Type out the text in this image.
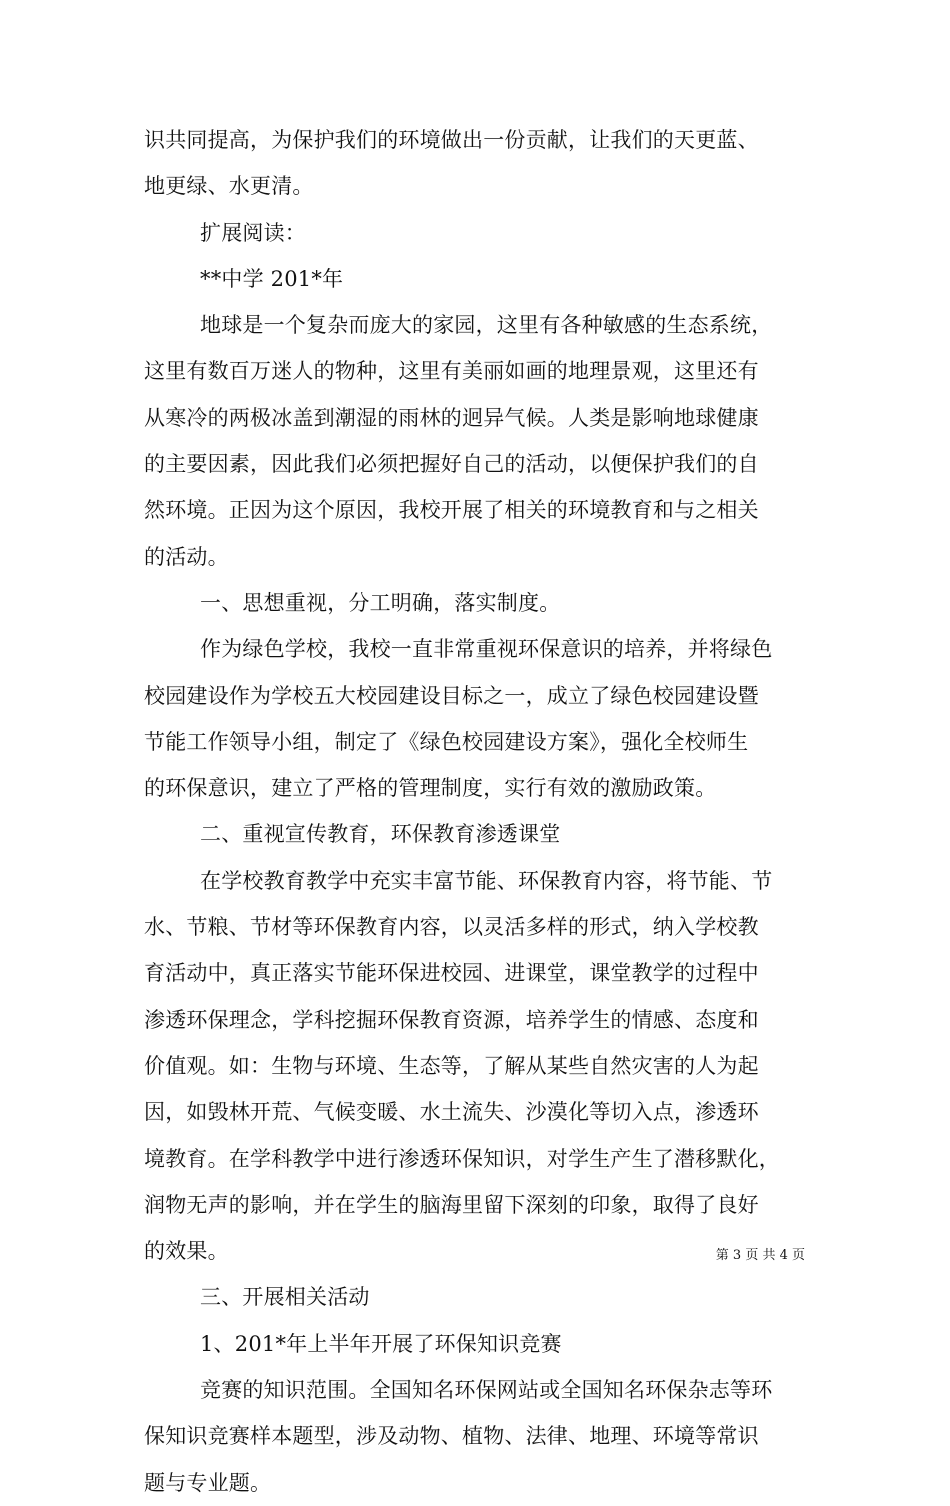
识共同提高，为保护我们的环境做出一份贡献，让我们的天更蓝、
地更绿、水更清。
扩展阅读：
**中学 201*年
地球是一个复杂而庞大的家园，这里有各种敏感的生态系统，
这里有数百万迷人的物种，这里有美丽如画的地理景观，这里还有
从寒冷的两极冰盖到潮湿的雨林的迥异气候。人类是影响地球健康
的主要因素，因此我们必须把握好自己的活动，以便保护我们的自
然环境。正因为这个原因，我校开展了相关的环境教育和与之相关
的活动。
一、思想重视，分工明确，落实制度。
作为绿色学校，我校一直非常重视环保意识的培养，并将绿色
校园建设作为学校五大校园建设目标之一，成立了绿色校园建设暨
节能工作领导小组，制定了《绿色校园建设方案》，强化全校师生
的环保意识，建立了严格的管理制度，实行有效的激励政策。
二、重视宣传教育，环保教育渗透课堂
在学校教育教学中充实丰富节能、环保教育内容，将节能、节
水、节粮、节材等环保教育内容，以灵活多样的形式，纳入学校教
育活动中，真正落实节能环保进校园、进课堂，课堂教学的过程中
渗透环保理念，学科挖掘环保教育资源，培养学生的情感、态度和
价值观。如：生物与环境、生态等，了解从某些自然灾害的人为起
因，如毁林开荒、气候变暖、水土流失、沙漠化等切入点，渗透环
境教育。在学科教学中进行渗透环保知识，对学生产生了潜移默化，
润物无声的影响，并在学生的脑海里留下深刻的印象，取得了良好
的效果。
三、开展相关活动
1、201*年上半年开展了环保知识竞赛
竞赛的知识范围。全国知名环保网站或全国知名环保杂志等环
保知识竞赛样本题型，涉及动物、植物、法律、地理、环境等常识
题与专业题。
第 3 页 共 4 页
